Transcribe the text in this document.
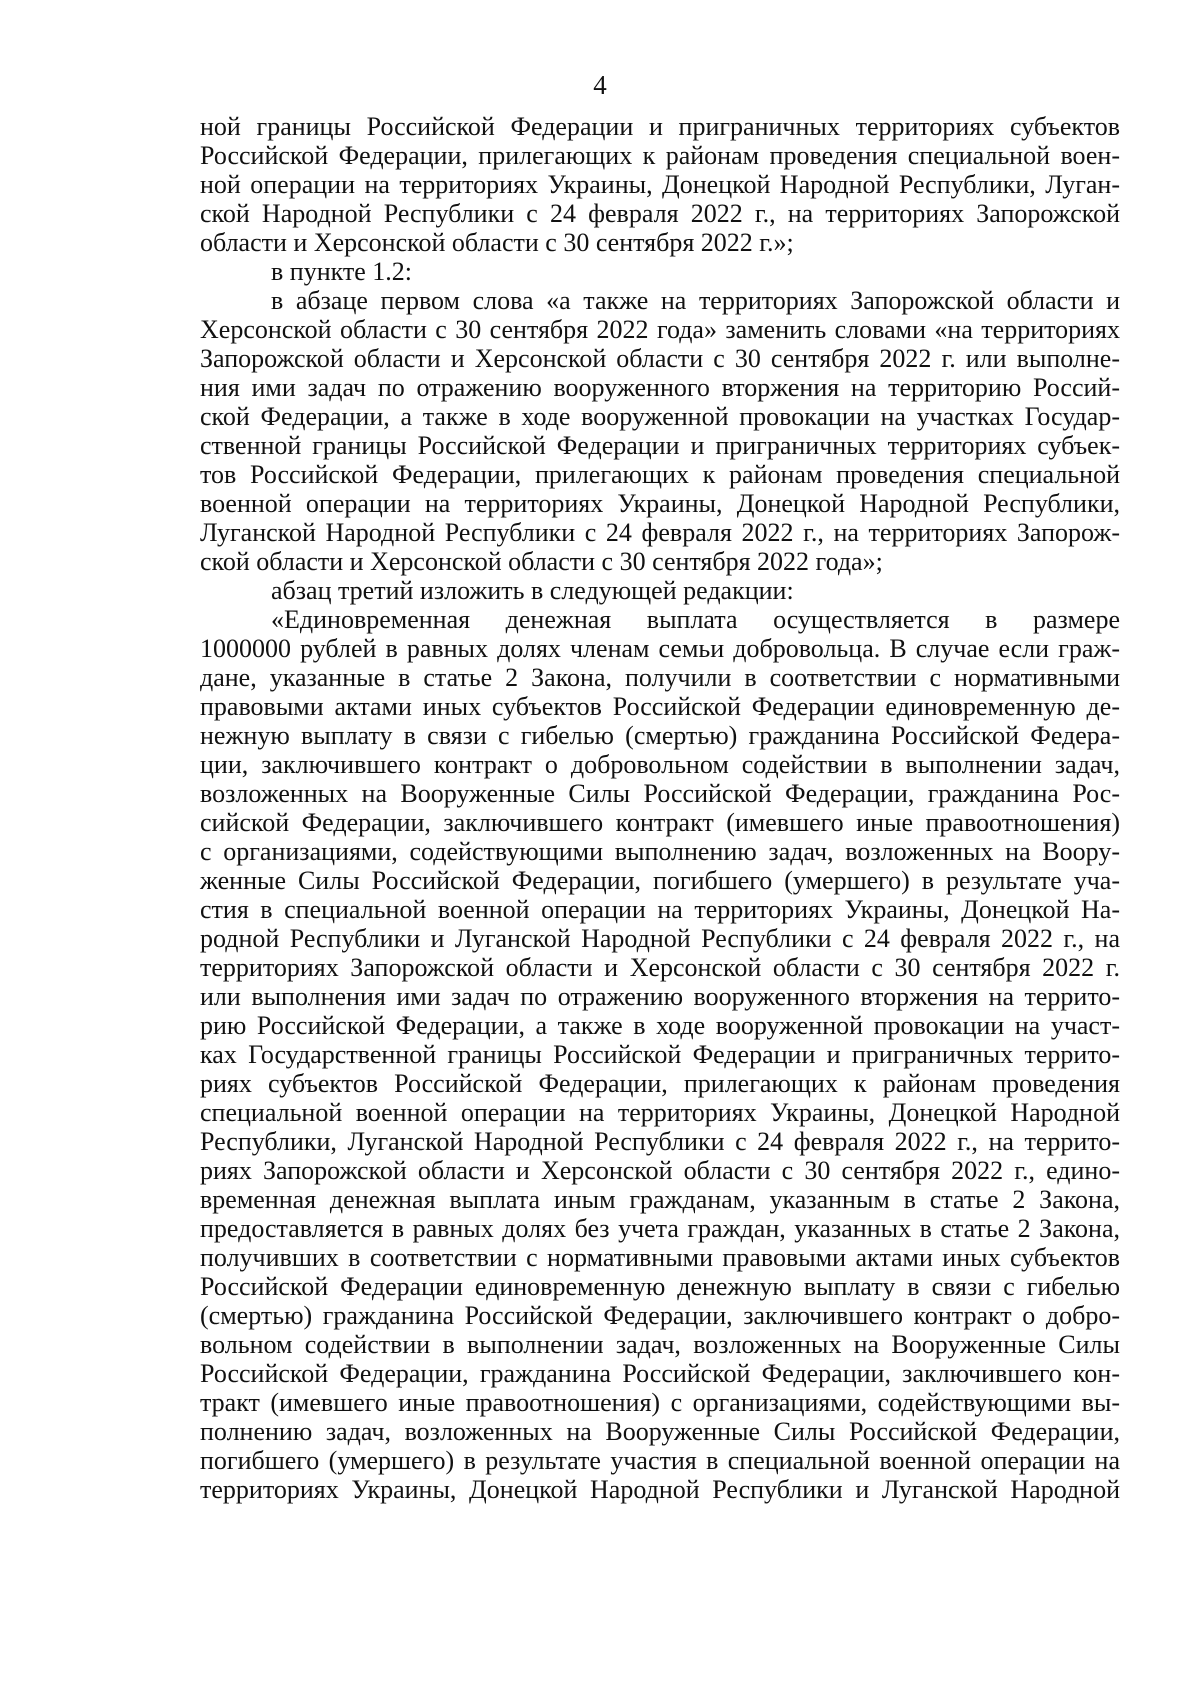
4
ной границы Российской Федерации и приграничных территориях субъектов
Российской Федерации, прилегающих к районам проведения специальной воен-
ной операции на территориях Украины, Донецкой Народной Республики, Луган-
ской Народной Республики с 24 февраля 2022 г., на территориях Запорожской
области и Херсонской области с 30 сентября 2022 г.»;
в пункте 1.2:
в абзаце первом слова «а также на территориях Запорожской области и
Херсонской области с 30 сентября 2022 года» заменить словами «на территориях
Запорожской области и Херсонской области с 30 сентября 2022 г. или выполне-
ния ими задач по отражению вооруженного вторжения на территорию Россий-
ской Федерации, а также в ходе вооруженной провокации на участках Государ-
ственной границы Российской Федерации и приграничных территориях субъек-
тов Российской Федерации, прилегающих к районам проведения специальной
военной операции на территориях Украины, Донецкой Народной Республики,
Луганской Народной Республики с 24 февраля 2022 г., на территориях Запорож-
ской области и Херсонской области с 30 сентября 2022 года»;
абзац третий изложить в следующей редакции:
«Единовременная денежная выплата осуществляется в размере
1000000 рублей в равных долях членам семьи добровольца. В случае если граж-
дане, указанные в статье 2 Закона, получили в соответствии с нормативными
правовыми актами иных субъектов Российской Федерации единовременную де-
нежную выплату в связи с гибелью (смертью) гражданина Российской Федера-
ции, заключившего контракт о добровольном содействии в выполнении задач,
возложенных на Вооруженные Силы Российской Федерации, гражданина Рос-
сийской Федерации, заключившего контракт (имевшего иные правоотношения)
с организациями, содействующими выполнению задач, возложенных на Воору-
женные Силы Российской Федерации, погибшего (умершего) в результате уча-
стия в специальной военной операции на территориях Украины, Донецкой На-
родной Республики и Луганской Народной Республики с 24 февраля 2022 г., на
территориях Запорожской области и Херсонской области с 30 сентября 2022 г.
или выполнения ими задач по отражению вооруженного вторжения на террито-
рию Российской Федерации, а также в ходе вооруженной провокации на участ-
ках Государственной границы Российской Федерации и приграничных террито-
риях субъектов Российской Федерации, прилегающих к районам проведения
специальной военной операции на территориях Украины, Донецкой Народной
Республики, Луганской Народной Республики с 24 февраля 2022 г., на террито-
риях Запорожской области и Херсонской области с 30 сентября 2022 г., едино-
временная денежная выплата иным гражданам, указанным в статье 2 Закона,
предоставляется в равных долях без учета граждан, указанных в статье 2 Закона,
получивших в соответствии с нормативными правовыми актами иных субъектов
Российской Федерации единовременную денежную выплату в связи с гибелью
(смертью) гражданина Российской Федерации, заключившего контракт о добро-
вольном содействии в выполнении задач, возложенных на Вооруженные Силы
Российской Федерации, гражданина Российской Федерации, заключившего кон-
тракт (имевшего иные правоотношения) с организациями, содействующими вы-
полнению задач, возложенных на Вооруженные Силы Российской Федерации,
погибшего (умершего) в результате участия в специальной военной операции на
территориях Украины, Донецкой Народной Республики и Луганской Народной
